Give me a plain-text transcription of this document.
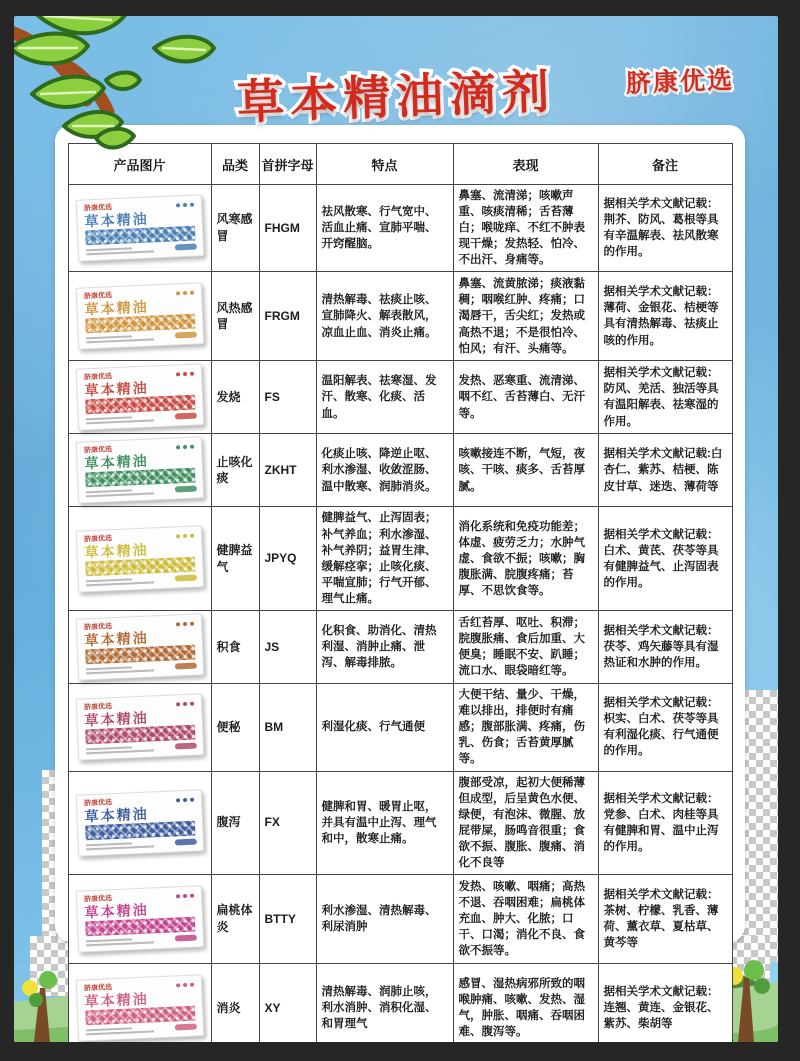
产品图片	品类	首拼字母	特点	表现	备注

脐康优选
草本精油	风寒感冒	FHGM	祛风散寒、行气宽中、活血止痛、宣肺平喘、开窍醒脑。	鼻塞、流清涕；咳嗽声重、咳痰清稀；舌苔薄白；喉咙痒、不红不肿表现干燥；发热轻、怕冷、不出汗、身痛等。	据相关学术文献记载：荆芥、防风、葛根等具有辛温解表、祛风散寒的作用。

脐康优选
草本精油	风热感冒	FRGM	清热解毒、祛痰止咳、宣肺降火、解表散风，凉血止血、消炎止痛。	鼻塞、流黄脓涕；痰液黏稠；咽喉红肿、疼痛；口渴唇干，舌尖红；发热或高热不退；不是很怕冷、怕风；有汗、头痛等。	据相关学术文献记载：薄荷、金银花、桔梗等具有清热解毒、祛痰止咳的作用。

脐康优选
草本精油	发烧	FS	温阳解表、祛寒湿、发汗、散寒、化痰、活血。	发热、恶寒重、流清涕、咽不红、舌苔薄白、无汗等。	据相关学术文献记载：防风、羌活、独活等具有温阳解表、祛寒湿的作用。

脐康优选
草本精油	止咳化痰	ZKHT	化痰止咳、降逆止呕、利水渗湿、收敛涩肠、温中散寒、润肺消炎。	咳嗽接连不断，气短，夜咳、干咳、痰多、舌苔厚腻。	据相关学术文献记载:白杏仁、紫苏、桔梗、陈皮甘草、迷迭、薄荷等

脐康优选
草本精油	健脾益气	JPYQ	健脾益气、止泻固表；补气养血；利水渗湿、补气养阴；益胃生津、缓解痉挛；止咳化痰、平喘宣肺；行气开郁、理气止痛。	消化系统和免疫功能差；体虚、疲劳乏力；水肿气虚、食欲不振；咳嗽；胸腹胀满、脘腹疼痛；苔厚、不思饮食等。	据相关学术文献记载：白术、黄芪、茯苓等具有健脾益气、止泻固表的作用。

脐康优选
草本精油	积食	JS	化积食、助消化、清热利湿、消肿止痛、泄泻、解毒排脓。	舌红苔厚、呕吐、积滞；脘腹胀痛、食后加重、大便臭；睡眠不安、趴睡；流口水、眼袋暗红等。	据相关学术文献记载：茯苓、鸡矢藤等具有湿热证和水肿的作用。

脐康优选
草本精油	便秘	BM	利湿化痰、行气通便	大便干结、量少、干燥，难以排出，排便时有痛感；腹部胀满、疼痛，伤乳、伤食；舌苔黄厚腻等。	据相关学术文献记载：枳实、白术、茯苓等具有利湿化痰、行气通便的作用。

脐康优选
草本精油	腹泻	FX	健脾和胃、暖胃止呕，并具有温中止泻、理气和中，散寒止痛。	腹部受凉，起初大便稀薄但成型，后呈黄色水便、绿便，有泡沫、微腥、放屁带屎，肠鸣音很重；食欲不振、腹胀、腹痛、消化不良等	据相关学术文献记载：党参、白术、肉桂等具有健脾和胃、温中止泻的作用。

脐康优选
草本精油	扁桃体炎	BTTY	利水渗湿、清热解毒、利尿消肿	发热、咳嗽、咽痛；高热不退、吞咽困难；扁桃体充血、肿大、化脓；口干、口渴；消化不良、食欲不振等。	据相关学术文献记载：茶树、柠檬、乳香、薄荷、薰衣草、夏枯草、黄芩等

脐康优选
草本精油	消炎	XY	清热解毒、润肺止咳，利水消肿、消积化湿、和胃理气	感冒、湿热病邪所致的咽喉肿痛、咳嗽、发热、湿气，肿胀、咽痛、吞咽困难、腹泻等。	据相关学术文献记载：连翘、黄连、金银花、紫苏、柴胡等
草本精油滴剂	脐康优选
